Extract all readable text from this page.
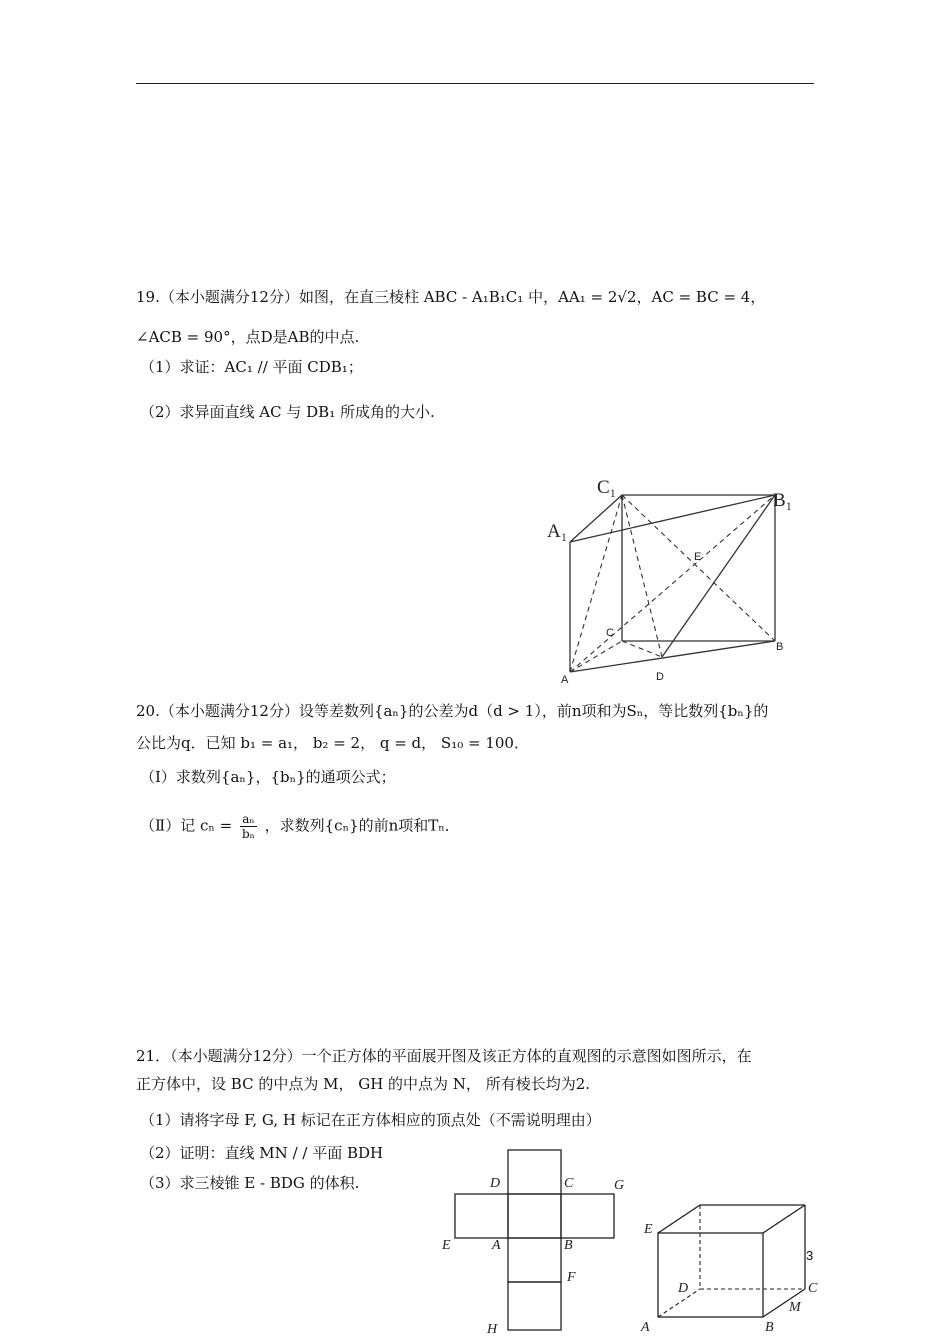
19.（本小题满分12分）如图，在直三棱柱 ABC - A₁B₁C₁ 中，AA₁ = 2√2，AC = BC = 4，
∠ACB = 90°，点D是AB的中点.
（1）求证：AC₁ // 平面 CDB₁；
（2）求异面直线 AC 与 DB₁ 所成角的大小.
C₁
B₁
A₁
E
C
B
A	D
20.（本小题满分12分）设等差数列{aₙ}的公差为d（d > 1），前n项和为Sₙ，等比数列{bₙ}的
公比为q．已知 b₁ = a₁， b₂ = 2， q = d， S₁₀ = 100．
（Ⅰ）求数列{aₙ}，{bₙ}的通项公式；
（Ⅱ）记 $c_n = \frac{\text{aₙ}}{\text{bₙ}}$ ，求数列{cₙ}的前n项和Tₙ．
21．（本小题满分12分）一个正方体的平面展开图及该正方体的直观图的示意图如图所示，在
正方体中，设 BC 的中点为 M， GH 的中点为 N， 所有棱长均为2.
（1）请将字母 F, G, H 标记在正方体相应的顶点处（不需说明理由）
（2）证明：直线 MN / / 平面 BDH
（3）求三棱锥 E - BDG 的体积.	D	C	G
E	A	B
F
H
E
D	C
M
A	B
3
